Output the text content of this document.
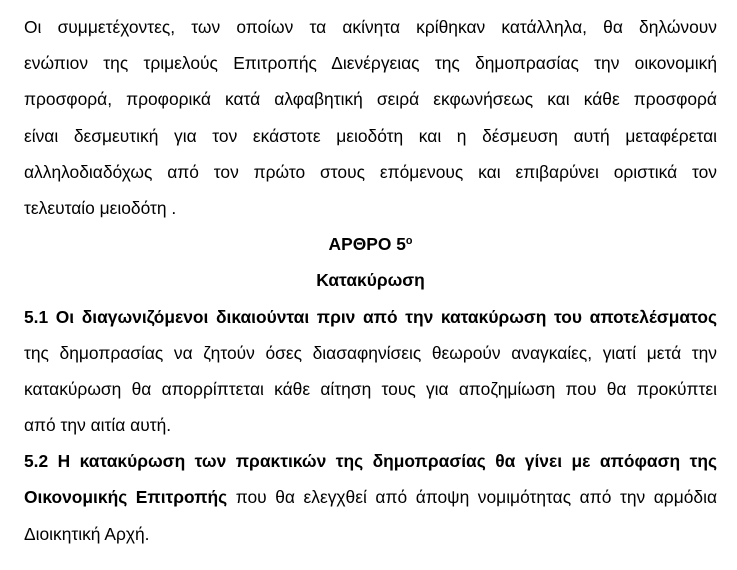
Οι συμμετέχοντες, των οποίων τα ακίνητα κρίθηκαν κατάλληλα, θα δηλώνουν
ενώπιον της τριμελούς Επιτροπής Διενέργειας της δημοπρασίας την οικονομική
προσφορά, προφορικά κατά αλφαβητική σειρά εκφωνήσεως και κάθε προσφορά
είναι δεσμευτική για τον εκάστοτε μειοδότη και η δέσμευση αυτή μεταφέρεται
αλληλοδιαδόχως από τον πρώτο στους επόμενους και επιβαρύνει οριστικά τον
τελευταίο μειοδότη .
ΑΡΘΡΟ $5^o$
Κατακύρωση
5.1 Οι διαγωνιζόμενοι δικαιούνται πριν από την κατακύρωση του αποτελέσματος
της δημοπρασίας να ζητούν όσες διασαφηνίσεις θεωρούν αναγκαίες, γιατί μετά την
κατακύρωση θα απορρίπτεται κάθε αίτηση τους για αποζημίωση που θα προκύπτει
από την αιτία αυτή.
5.2 Η κατακύρωση των πρακτικών της δημοπρασίας θα γίνει με απόφαση της
Οικονομικής Επιτροπής που θα ελεγχθεί από άποψη νομιμότητας από την αρμόδια
Διοικητική Αρχή.
